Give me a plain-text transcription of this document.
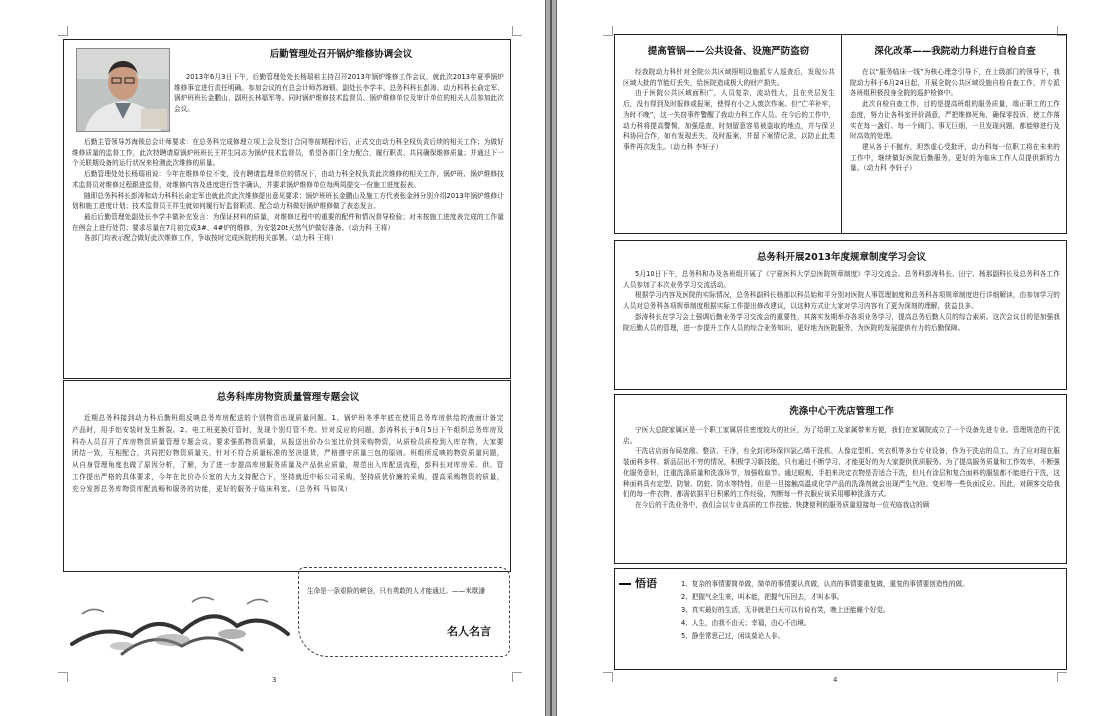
后勤管理处召开锅炉维修协调会议

2013年6月3日下午，后勤管理处处长杨瑞祖主持召开2013年锅炉维修工作会议，就此次2013年夏季锅炉维修事宜进行责任明确。参加会议的有总会计师苏海锁、副处长李学丰、总务科科长彭涛、动力科科长俞定军、锅炉班班长金鹏山、副班长林福军等。同时锅炉维修技术监督员、锅炉维修单位及审计单位的相关人员参加此次会议。

后勤主管领导苏海锁总会计师要求：在总务科完成修理立项上会及签订合同等前期程序后，正式交由动力科全权负责后续的相关工作；为做好维修质量的监督工作，此次特聘请原锅炉班班长王祥生同志为锅炉技术监督员，希望各部门全力配合，履行职责、共同确保维修质量；并通过下一个关联期设备的运行状况来检测此次维修的质量。

后勤管理处处长杨瑞祖说：今年在维修单位不变，没有聘请监理单位的情况下，由动力科全权负责此次维修的相关工作，锅炉班、锅炉维修技术监督员对维修过程跟进监督，对维修内容及进度进行签字确认，并要求锅炉维修单位每两周提交一份施工进度报表。

随即总务科科长彭涛和动力科科长俞定军也就此次此次维修提出意见要求；锅炉班班长金鹏山及施工方代表张金洲分别介绍2013年锅炉维修计划和施工进度计划；技术监督员王祥生就如何履行好监督职责、配合动力科做好锅炉维修做了表态发言。

最后后勤管理处副处长李学丰做补充发言：为保证材料的质量，对维修过程中的重要的配件和情况督导检验；对未按施工进度表完成的工作量在例会上进行处罚；要求尽量在7月初完成3#、4#炉的维修，为安装20t天然气炉做好准备。（动力科 王将）

各部门均表示配合做好此次维修工作，争取按时完成医院的相关部署。（动力科 王将）

总务科库房物资质量管理专题会议

近期总务科接到动力科后勤班组反映总务库房配送的个别物资出现质量问题。1、锅炉班冬季年底在使用总务库房供给的液面计备完产品时，用手铝安装时发生断裂。2、电工班更换灯管时，发现个别灯管不亮。针对反应的问题，彭涛科长于6月5日下午组织总务库房及科办人员召开了库房物资质量管理专题会议。要求强抓物资质量，从报送出价办公室比价到采购物资，从质检员质检到入库存物，大家要团结一致，互相配合，共同把好物资质量关，针对不符合质量标准的坚决退货，严格遵守质量三包的原则。班组所反映的物资质量问题，从自身管理角度也做了原因分析，了解，为了进一步提高库房服务质量及产品供应质量，规范出入库配送流程，彭科长对库房采、供、管工作提出严格的具体要求，今年在比价办公室的大力支持配合下，坚持就近中标公司采购，坚持质优价廉的采购，提高采购物资的质量，充分发挥总务库物资库配流畅和服务的功能，更好的服务于临床科室。（总务科 马如凤）

生命是一条艰险的峡谷，只有勇敢的人才能通过。——米歇潘

名人名言
3

提高管锅——公共设备、设施严防盗窃

经我院动力科针对全院公共区域照明设施派专人巡查后，发现公共区域大批的节能灯丢失，给医院造成极大的财产损失。

由于医院公共区域面积广，人员复杂，流动性大，且在夹层发生后，没有得到及时报修或报案，使得有小之人废次作案。但“亡羊补牢，为时不晚”，这一失窃事件警醒了我动力科工作人员。在今后的工作中，动力科将提高警惕，加强巡查，时刻留意容易被盗取的地点，并与保卫科协同合作，如有发现丢失，及时报案，并留下案情记录，以防止此类事件再次发生。（动力科 李轩子）

深化改革——我院动力科进行自检自查

在以“服务临床一线”为核心理念引导下，在上级部门的领导下，我院动力科于6月24日起，开展全院公共区域设施自检自查工作，并专派各班组积极投身全院的巡护检修中。

此次自检自查工作，目的是提高班组的服务质量，端正职工的工作态度，努力让各科室评价满意，严把维修死角，确保零投诉，使工作落实在每一盏灯、每一个阀门、事无巨细，一旦发现问题，都能够进行及时高效的处理。

建从各于不抛弃，坦然虚心受批评，动力科每一位职工将在未来的工作中，继续做好医院后勤服务，更好的为临床工作人员提供新的力量。（动力科 李轩子）

总务科开展2013年度规章制度学习会议

5月10日下午，总务科和办及各班组开展了《宁夏医科大学总医院规章制度》学习交流会。总务科彭涛科长、田宁、杨那副科长及总务科各工作人员参加了本次业务学习交流活动。

根据学习内容及医院的实际情况，总务科副科长杨那以科员始和平分别对医院人事管理制度和总务科各项规章制度进行详细解读，由参加学习的人员对总务科各项规章制度根据实际工作提出修改建议，以这种方式让大家对学习内容有了更为深刻的理解，获益良多。

彭涛科长在学习会上强调后勤业务学习交流会的重要性，其落实发期举办各项业务学习，提高总务后勤人员的综合素质。这次会议目的是加强我院后勤人员的管理，进一步提升工作人员的综合业务知识，更好地为医院服务，为医院的发展提供有力的后勤保障。

洗涤中心干洗店管理工作

宁医大总院家属区是一个职工家属居住密度较大的社区，为了给职工及家属带来方便，我们在家属院成立了一个设备先进专业、管理规范的干洗店。

干洗店店面布局宽敞、整洁、干净，有全封闭环保四氯乙烯干洗机、人像定型机、夹衣机等多台专业设备，作为干洗店的员工，为了应对现在服装面料多样、新品层出不穷的情况，积极学习新技能，只有通过不断学习，才能更好的为大家提供优质服务。为了提高服务质量和工作效率，不断强化服务意识，注重洗涤质量和洗涤环节，加强收取节。通过眼观、手拍来决定衣物是否适合干洗，但凡有涂层和复合面料的服装都不能进行干洗，这种面料具有定型、防皱、防蛀、防水等特性，但是一旦接触高温或化学产品的洗涤剂就会出现严生气泡、变形等一些负面反应。因此，对顾客交给我们的每一件衣物，都需依据平日积累的工作经验，判断每一件衣服应该采用哪种洗涤方式。

在今后的干洗业务中，我们会以专业高质的工作技能、快捷便利的服务质量迎接每一位光临我店的顾

悟语	1、复杂的事情要简单做，简单的事情要认真做，认真的事情要重复做，重复的事情要创造性的做。

2、把握气全生来，叫本能，把握气压回去，才叫本事。

3、真实最好的生活，无非就是白天可以有说有笑，晚上还能睡个好觉。

4、人生，由我不由天；幸福，由心不由境。

5、静坐常思己过，闲谈莫论人非。

4
